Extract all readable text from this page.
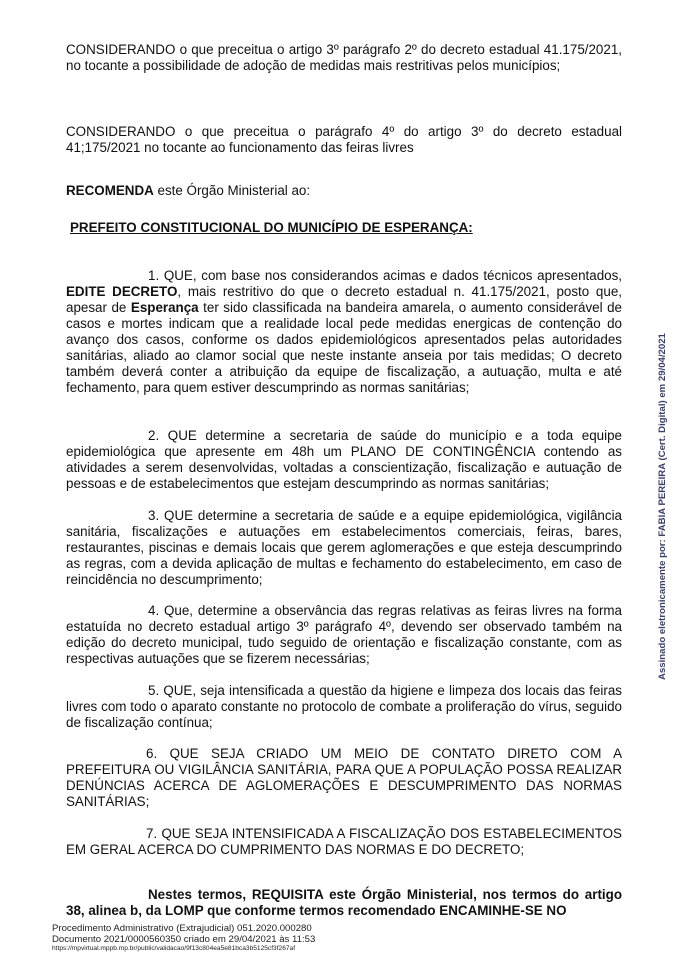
CONSIDERANDO o que preceitua o artigo 3º parágrafo 2º do decreto estadual 41.175/2021, no tocante a possibilidade de adoção de medidas mais restritivas pelos municípios;

CONSIDERANDO o que preceitua o parágrafo 4º do artigo 3º do decreto estadual 41;175/2021 no tocante ao funcionamento das feiras livres

RECOMENDA este Órgão Ministerial ao:

PREFEITO CONSTITUCIONAL DO MUNICÍPIO DE ESPERANÇA:

1. QUE, com base nos considerandos acimas e dados técnicos apresentados, EDITE DECRETO, mais restritivo do que o decreto estadual n. 41.175/2021, posto que, apesar de Esperança ter sido classificada na bandeira amarela, o aumento considerável de casos e mortes indicam que a realidade local pede medidas energicas de contenção do avanço dos casos, conforme os dados epidemiológicos apresentados pelas autoridades sanitárias, aliado ao clamor social que neste instante anseia por tais medidas; O decreto também deverá conter a atribuição da equipe de fiscalização, a autuação, multa e até fechamento, para quem estiver descumprindo as normas sanitárias;

2. QUE determine a secretaria de saúde do município e a toda equipe epidemiológica que apresente em 48h um PLANO DE CONTINGÊNCIA contendo as atividades a serem desenvolvidas, voltadas a conscientização, fiscalização e autuação de pessoas e de estabelecimentos que estejam descumprindo as normas sanitárias;

3. QUE determine a secretaria de saúde e a equipe epidemiológica, vigilância sanitária, fiscalizações e autuações em estabelecimentos comerciais, feiras, bares, restaurantes, piscinas e demais locais que gerem aglomerações e que esteja descumprindo as regras, com a devida aplicação de multas e fechamento do estabelecimento, em caso de reincidência no descumprimento;

4. Que, determine a observância das regras relativas as feiras livres na forma estatuída no decreto estadual artigo 3º parágrafo 4º, devendo ser observado também na edição do decreto municipal, tudo seguido de orientação e fiscalização constante, com as respectivas autuações que se fizerem necessárias;

5. QUE, seja intensificada a questão da higiene e limpeza dos locais das feiras livres com todo o aparato constante no protocolo de combate a proliferação do vírus, seguido de fiscalização contínua;

6. QUE SEJA CRIADO UM MEIO DE CONTATO DIRETO COM A PREFEITURA OU VIGILÂNCIA SANITÁRIA, PARA QUE A POPULAÇÃO POSSA REALIZAR DENÚNCIAS ACERCA DE AGLOMERAÇÕES E DESCUMPRIMENTO DAS NORMAS SANITÁRIAS;

7. QUE SEJA INTENSIFICADA A FISCALIZAÇÃO DOS ESTABELECIMENTOS EM GERAL ACERCA DO CUMPRIMENTO DAS NORMAS E DO DECRETO;

Nestes termos, REQUISITA este Órgão Ministerial, nos termos do artigo 38, alinea b, da LOMP que conforme termos recomendado ENCAMINHE-SE NO

Procedimento Administrativo (Extrajudicial) 051.2020.000280
Documento 2021/0000560350 criado em 29/04/2021 às 11:53
https://mpvirtual.mppb.mp.br/public/validacao/9f13c804ea5e81bca3b5125cf3f267af
Assinado eletronicamente por: FABIA PEREIRA (Cert. Digital) em 29/04/2021
